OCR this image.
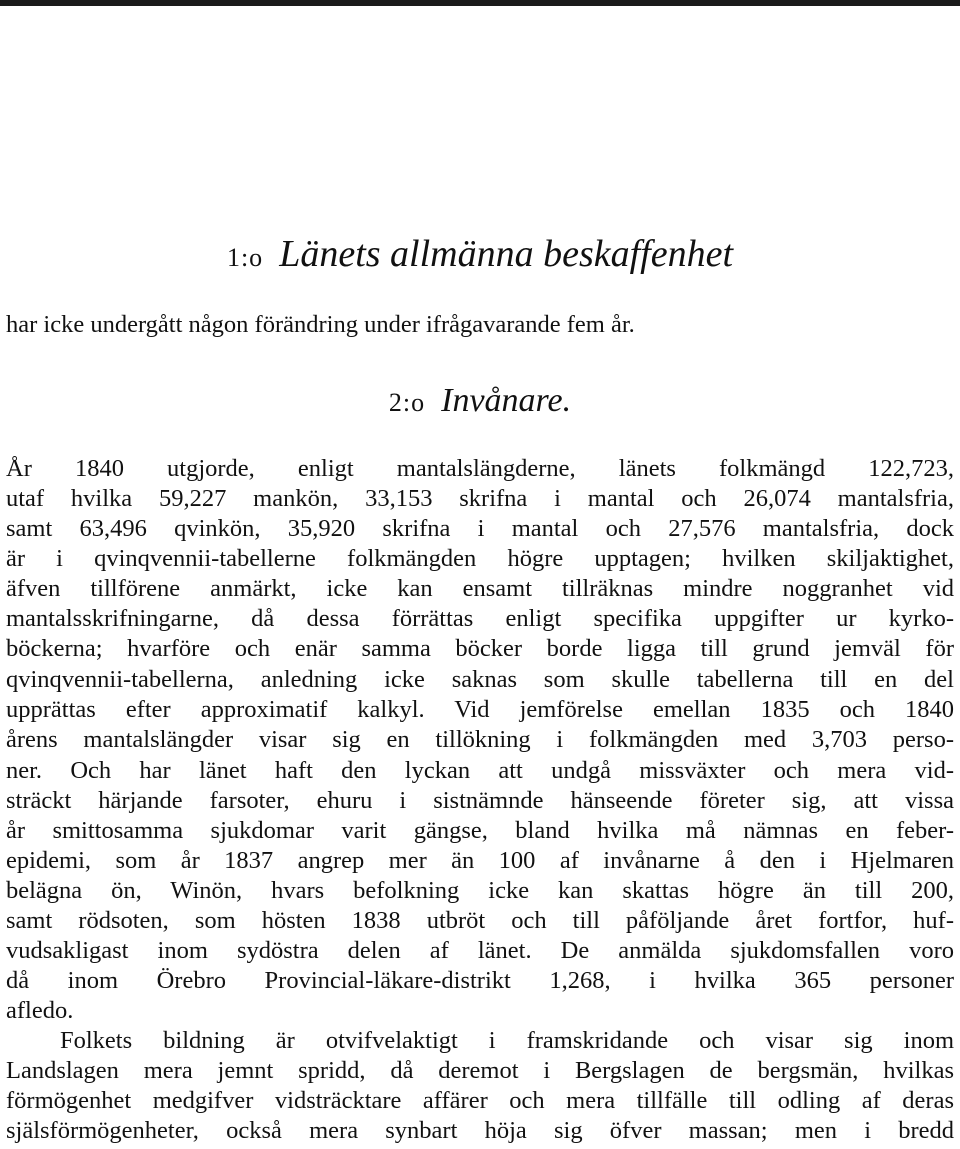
1:o Länets allmänna beskaffenhet
har icke undergått någon förändring under ifrågavarande fem år.
2:o Invånare.
År 1840 utgjorde, enligt mantalslängderne, länets folkmängd 122,723,
utaf hvilka 59,227 mankön, 33,153 skrifna i mantal och 26,074 mantalsfria,
samt 63,496 qvinkön, 35,920 skrifna i mantal och 27,576 mantalsfria, dock
är i qvinqvennii-tabellerne folkmängden högre upptagen; hvilken skiljaktighet,
äfven tillförene anmärkt, icke kan ensamt tillräknas mindre noggranhet vid
mantalsskrifningarne, då dessa förrättas enligt specifika uppgifter ur kyrko-
böckerna; hvarföre och enär samma böcker borde ligga till grund jemväl för
qvinqvennii-tabellerna, anledning icke saknas som skulle tabellerna till en del
upprättas efter approximatif kalkyl. Vid jemförelse emellan 1835 och 1840
årens mantalslängder visar sig en tillökning i folkmängden med 3,703 perso-
ner. Och har länet haft den lyckan att undgå missväxter och mera vid-
sträckt härjande farsoter, ehuru i sistnämnde hänseende företer sig, att vissa
år smittosamma sjukdomar varit gängse, bland hvilka må nämnas en feber-
epidemi, som år 1837 angrep mer än 100 af invånarne å den i Hjelmaren
belägna ön, Winön, hvars befolkning icke kan skattas högre än till 200,
samt rödsoten, som hösten 1838 utbröt och till påföljande året fortfor, huf-
vudsakligast inom sydöstra delen af länet. De anmälda sjukdomsfallen voro
då inom Örebro Provincial-läkare-distrikt 1,268, i hvilka 365 personer
afledo.
Folkets bildning är otvifvelaktigt i framskridande och visar sig inom
Landslagen mera jemnt spridd, då deremot i Bergslagen de bergsmän, hvilkas
förmögenhet medgifver vidsträcktare affärer och mera tillfälle till odling af deras
själsförmögenheter, också mera synbart höja sig öfver massan; men i bredd
